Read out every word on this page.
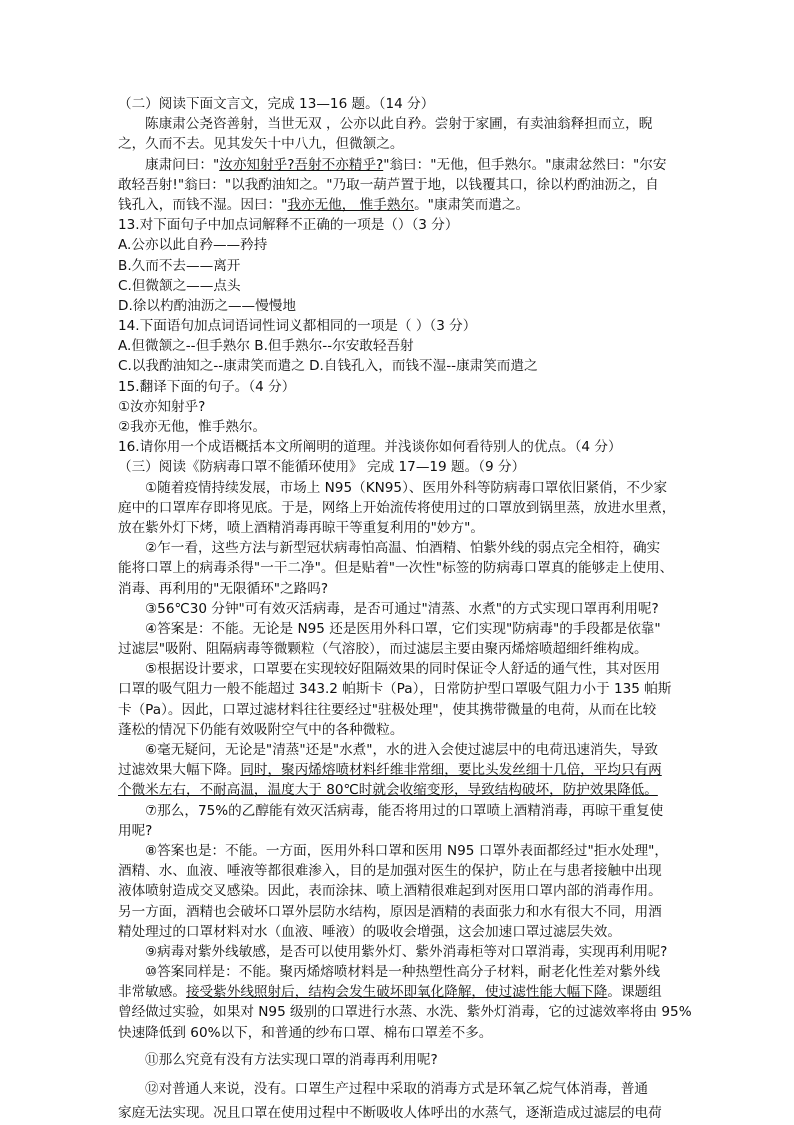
（二）阅读下面文言文，完成 13—16 题。（14 分）
陈康肃公尧咨善射，当世无双 ，公亦以此自矜。尝射于家圃，有卖油翁释担而立，睨
之，久而不去。见其发矢十中八九，但微颔之。
康肃问曰："汝亦知射乎?吾射不亦精乎?"翁曰："无他，但手熟尔。"康肃忿然曰："尔安
敢轻吾射!"翁曰："以我酌油知之。"乃取一葫芦置于地，以钱覆其口，徐以杓酌油沥之，自
钱孔入，而钱不湿。因曰："我亦无他， 惟手熟尔。"康肃笑而遣之。
13.对下面句子中加点词解释不正确的一项是（）（3 分）
A.公亦以此自矜——矜持
B.久而不去——离开
C.但微颔之——点头
D.徐以杓酌油沥之——慢慢地
14.下面语句加点词语词性词义都相同的一项是（ ）（3 分）
A.但微颔之--但手熟尔 B.但手熟尔--尔安敢轻吾射
C.以我酌油知之--康肃笑而遣之 D.自钱孔入，而钱不湿--康肃笑而遣之
15.翻译下面的句子。（4 分）
①汝亦知射乎?
②我亦无他，惟手熟尔。
16.请你用一个成语概括本文所阐明的道理。并浅谈你如何看待别人的优点。（4 分）
（三）阅读《防病毒口罩不能循环使用》 完成 17—19 题。（9 分）
①随着疫情持续发展，市场上 N95（KN95）、医用外科等防病毒口罩依旧紧俏，不少家
庭中的口罩库存即将见底。于是，网络上开始流传将使用过的口罩放到锅里蒸，放进水里煮，
放在紫外灯下烤，喷上酒精消毒再晾干等重复利用的"妙方"。
②乍一看，这些方法与新型冠状病毒怕高温、怕酒精、怕紫外线的弱点完全相符，确实
能将口罩上的病毒杀得"一干二净"。但是贴着"一次性"标签的防病毒口罩真的能够走上使用、
消毒、再利用的"无限循环"之路吗?
③56℃30 分钟"可有效灭活病毒，是否可通过"清蒸、水煮"的方式实现口罩再利用呢?
④答案是：不能。无论是 N95 还是医用外科口罩，它们实现"防病毒"的手段都是依靠"
过滤层"吸附、阻隔病毒等微颗粒（气溶胶），而过滤层主要由聚丙烯熔喷超细纤维构成。
⑤根据设计要求，口罩要在实现较好阻隔效果的同时保证令人舒适的通气性，其对医用
口罩的吸气阻力一般不能超过 343.2 帕斯卡（Pa），日常防护型口罩吸气阻力小于 135 帕斯
卡（Pa）。因此，口罩过滤材料往往要经过"驻极处理"，使其携带微量的电荷，从而在比较
蓬松的情况下仍能有效吸附空气中的各种微粒。
⑥毫无疑问，无论是"清蒸"还是"水煮"，水的进入会使过滤层中的电荷迅速消失，导致
过滤效果大幅下降。同时，聚丙烯熔喷材料纤维非常细，要比头发丝细十几倍，平均只有两
个微米左右，不耐高温，温度大于 80℃时就会收缩变形，导致结构破坏，防护效果降低。
⑦那么，75%的乙醇能有效灭活病毒，能否将用过的口罩喷上酒精消毒，再晾干重复使
用呢?
⑧答案也是：不能。一方面，医用外科口罩和医用 N95 口罩外表面都经过"拒水处理"，
酒精、水、血液、唾液等都很难渗入，目的是加强对医生的保护，防止在与患者接触中出现
液体喷射造成交叉感染。因此，表而涂抹、喷上酒精很难起到对医用口罩内部的消毒作用。
另一方面，酒精也会破坏口罩外层防水结构，原因是酒精的表面张力和水有很大不同，用酒
精处理过的口罩材料对水（血液、唾液）的吸收会增强，这会加速口罩过滤层失效。
⑨病毒对紫外线敏感，是否可以使用紫外灯、紫外消毒柜等对口罩消毒，实现再利用呢?
⑩答案同样是：不能。聚丙烯熔喷材料是一种热塑性高分子材料，耐老化性差对紫外线
非常敏感。接受紫外线照射后，结构会发生破坏即氧化降解，使过滤性能大幅下降。课题组
曾经做过实验，如果对 N95 级别的口罩进行水蒸、水洗、紫外灯消毒，它的过滤效率将由 95%
快速降低到 60%以下，和普通的纱布口罩、棉布口罩差不多。
⑪那么究竟有没有方法实现口罩的消毒再利用呢?
⑫对普通人来说，没有。口罩生产过程中采取的消毒方式是环氧乙烷气体消毒，普通
家庭无法实现。况且口罩在使用过程中不断吸收人体呼出的水蒸气，逐渐造成过滤层的电荷
